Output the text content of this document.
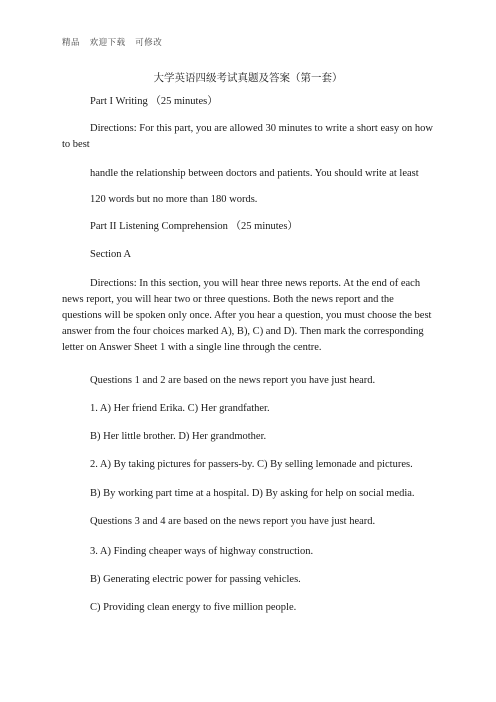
精品 欢迎下载 可修改
大学英语四级考试真题及答案（第一套）
Part I Writing （25 minutes）
Directions: For this part, you are allowed 30 minutes to write a short easy on how to best
handle the relationship between doctors and patients. You should write at least
120 words but no more than 180 words.
Part II Listening Comprehension （25 minutes）
Section A
Directions: In this section, you will hear three news reports. At the end of each news report, you will hear two or three questions. Both the news report and the questions will be spoken only once. After you hear a question, you must choose the best answer from the four choices marked A), B), C) and D). Then mark the corresponding letter on Answer Sheet 1 with a single line through the centre.
Questions 1 and 2 are based on the news report you have just heard.
1. A) Her friend Erika. C) Her grandfather.
B) Her little brother. D) Her grandmother.
2. A) By taking pictures for passers-by. C) By selling lemonade and pictures.
B) By working part time at a hospital. D) By asking for help on social media.
Questions 3 and 4 are based on the news report you have just heard.
3. A) Finding cheaper ways of highway construction.
B) Generating electric power for passing vehicles.
C) Providing clean energy to five million people.
